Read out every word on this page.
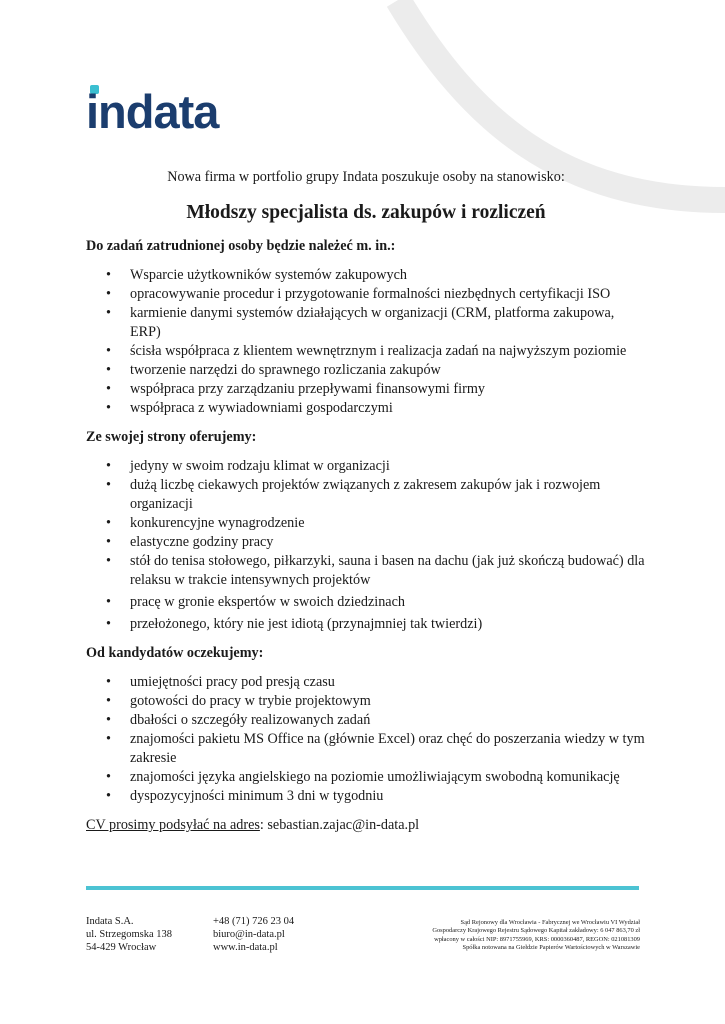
indata

Nowa firma w portfolio grupy Indata poszukuje osoby na stanowisko:

Młodszy specjalista ds. zakupów i rozliczeń
Do zadań zatrudnionej osoby będzie należeć m. in.:
• Wsparcie użytkowników systemów zakupowych
• opracowywanie procedur i przygotowanie formalności niezbędnych certyfikacji ISO
• karmienie danymi systemów działających w organizacji (CRM, platforma zakupowa, ERP)
• ścisła współpraca z klientem wewnętrznym i realizacja zadań na najwyższym poziomie
• tworzenie narzędzi do sprawnego rozliczania zakupów
• współpraca przy zarządzaniu przepływami finansowymi firmy
• współpraca z wywiadowniami gospodarczymi
Ze swojej strony oferujemy:
• jedyny w swoim rodzaju klimat w organizacji
• dużą liczbę ciekawych projektów związanych z zakresem zakupów jak i rozwojem organizacji
• konkurencyjne wynagrodzenie
• elastyczne godziny pracy
• stół do tenisa stołowego, piłkarzyki, sauna i basen na dachu (jak już skończą budować) dla relaksu w trakcie intensywnych projektów
• pracę w gronie ekspertów w swoich dziedzinach
• przełożonego, który nie jest idiotą (przynajmniej tak twierdzi)
Od kandydatów oczekujemy:
• umiejętności pracy pod presją czasu
• gotowości do pracy w trybie projektowym
• dbałości o szczegóły realizowanych zadań
• znajomości pakietu MS Office na (głównie Excel) oraz chęć do poszerzania wiedzy w tym zakresie
• znajomości języka angielskiego na poziomie umożliwiającym swobodną komunikację
• dyspozycyjności minimum 3 dni w tygodniu
CV prosimy podsyłać na adres: sebastian.zajac@in-data.pl
Indata S.A.
ul. Strzegomska 138
54-429 Wrocław
+48 (71) 726 23 04
biuro@in-data.pl
www.in-data.pl
Sąd Rejonowy dla Wrocławia - Fabrycznej we Wrocławiu VI Wydział
Gospodarczy Krajowego Rejestru Sądowego Kapitał zakładowy: 6 047 863,70 zł
wpłacony w całości NIP: 8971755969, KRS: 0000360487, REGON: 021081309
Spółka notowana na Giełdzie Papierów Wartościowych w Warszawie
